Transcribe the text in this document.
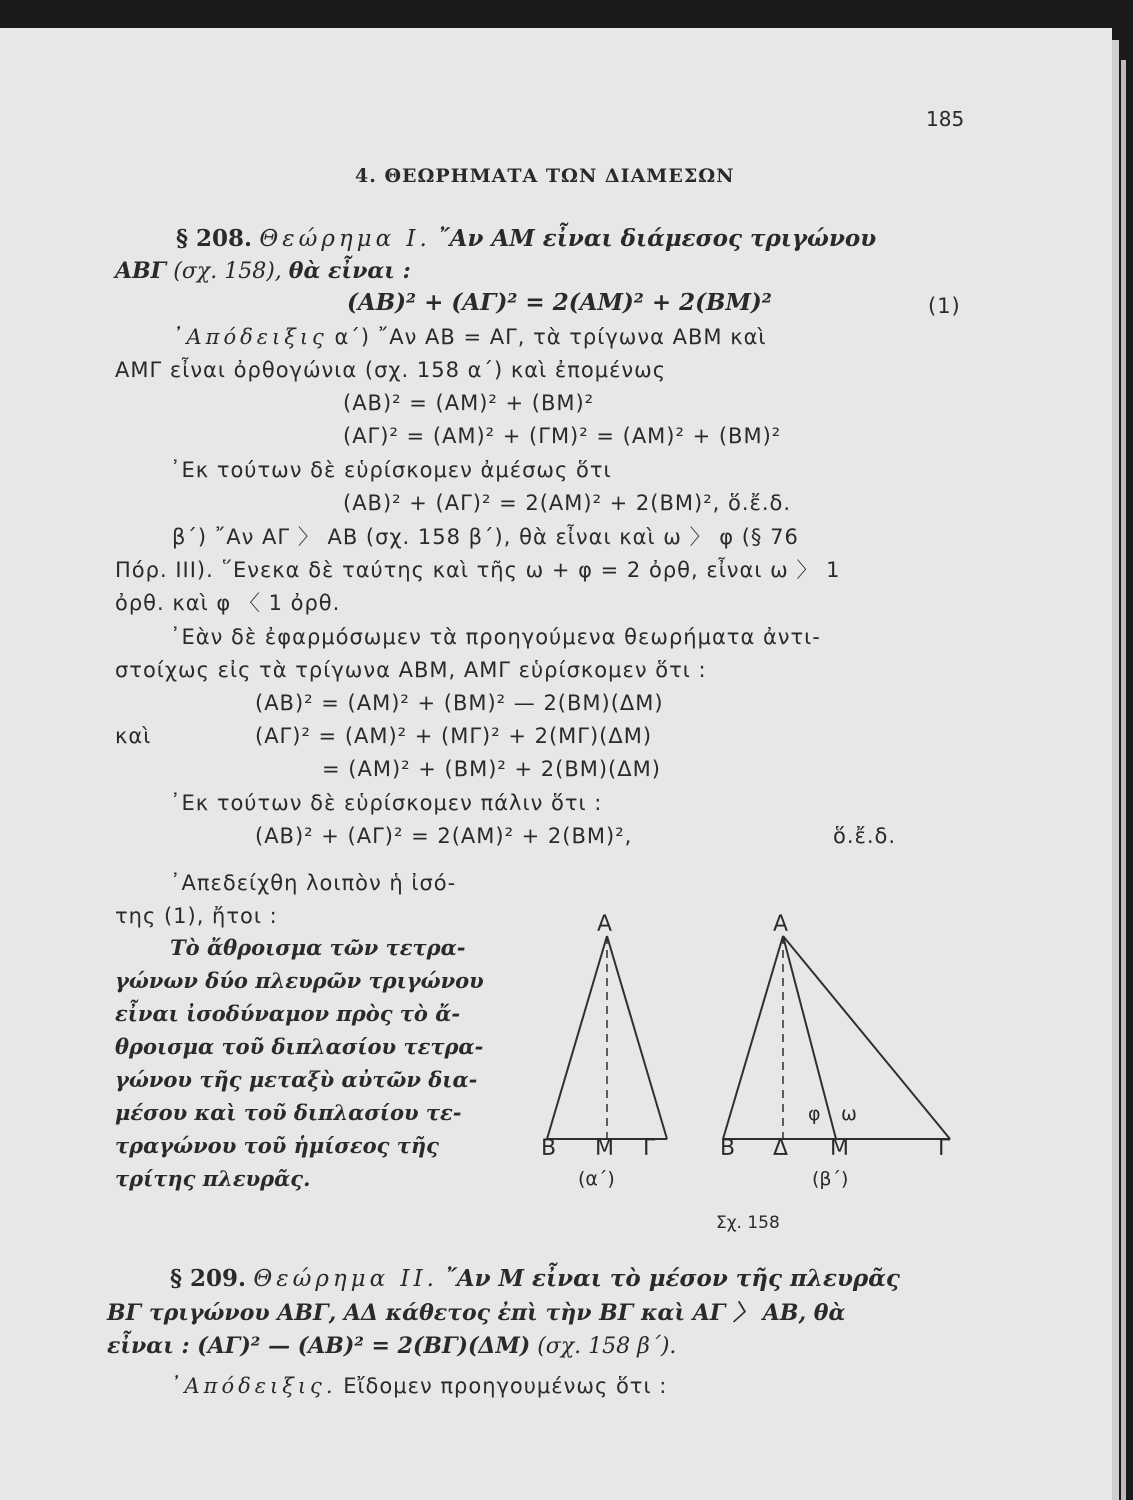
185
4. ΘΕΩΡΗΜΑΤΑ ΤΩΝ ΔΙΑΜΕΣΩΝ
§ 208. Θεώρημα Ι. ῎Αν ΑΜ εἶναι διάμεσος τριγώνου
ΑΒΓ (σχ. 158), θὰ εἶναι :
(ΑΒ)² + (ΑΓ)² = 2(ΑΜ)² + 2(ΒΜ)²	(1)
᾿Απόδειξις α΄) ῎Αν ΑΒ = ΑΓ, τὰ τρίγωνα ΑΒΜ καὶ
ΑΜΓ εἶναι ὀρθογώνια (σχ. 158 α΄) καὶ ἐπομένως
(ΑΒ)² = (ΑΜ)² + (ΒΜ)²
(ΑΓ)² = (ΑΜ)² + (ΓΜ)² = (ΑΜ)² + (ΒΜ)²
᾿Εκ τούτων δὲ εὑρίσκομεν ἀμέσως ὅτι
(ΑΒ)² + (ΑΓ)² = 2(ΑΜ)² + 2(ΒΜ)², ὅ.ἔ.δ.
β΄) ῎Αν ΑΓ 〉 ΑΒ (σχ. 158 β΄), θὰ εἶναι καὶ ω 〉 φ (§ 76
Πόρ. ΙΙΙ). ῞Ενεκα δὲ ταύτης καὶ τῆς ω + φ = 2 ὀρθ, εἶναι ω 〉 1
ὀρθ. καὶ φ 〈 1 ὀρθ.
᾿Εὰν δὲ ἐφαρμόσωμεν τὰ προηγούμενα θεωρήματα ἀντι-
στοίχως εἰς τὰ τρίγωνα ΑΒΜ, ΑΜΓ εὑρίσκομεν ὅτι :
(ΑΒ)² = (ΑΜ)² + (ΒΜ)² — 2(ΒΜ)(ΔΜ)
καὶ	(ΑΓ)² = (ΑΜ)² + (ΜΓ)² + 2(ΜΓ)(ΔΜ)
= (ΑΜ)² + (ΒΜ)² + 2(ΒΜ)(ΔΜ)
᾿Εκ τούτων δὲ εὑρίσκομεν πάλιν ὅτι :
(ΑΒ)² + (ΑΓ)² = 2(ΑΜ)² + 2(ΒΜ)²,	ὅ.ἔ.δ.
᾿Απεδείχθη λοιπὸν ἡ ἰσό-
της (1), ἤτοι :
Τὸ ἄθροισμα τῶν τετρα-
γώνων δύο πλευρῶν τριγώνου
εἶναι ἰσοδύναμον πρὸς τὸ ἄ-
θροισμα τοῦ διπλασίου τετρα-
γώνου τῆς μεταξὺ αὐτῶν δια-
μέσου καὶ τοῦ διπλασίου τε-
τραγώνου τοῦ ἡμίσεος τῆς
τρίτης πλευρᾶς.
Α
Β Μ Γ
(α΄)
Α
Β Δ Μ	Γ
φ ω
(β΄)
Σχ. 158
§ 209. Θεώρημα ΙΙ. ῎Αν Μ εἶναι τὸ μέσον τῆς πλευρᾶς
ΒΓ τριγώνου ΑΒΓ, ΑΔ κάθετος ἐπὶ τὴν ΒΓ καὶ ΑΓ 〉 ΑΒ, θὰ
εἶναι : (ΑΓ)² — (ΑΒ)² = 2(ΒΓ)(ΔΜ) (σχ. 158 β΄).
᾿Απόδειξις. Εἴδομεν προηγουμένως ὅτι :
